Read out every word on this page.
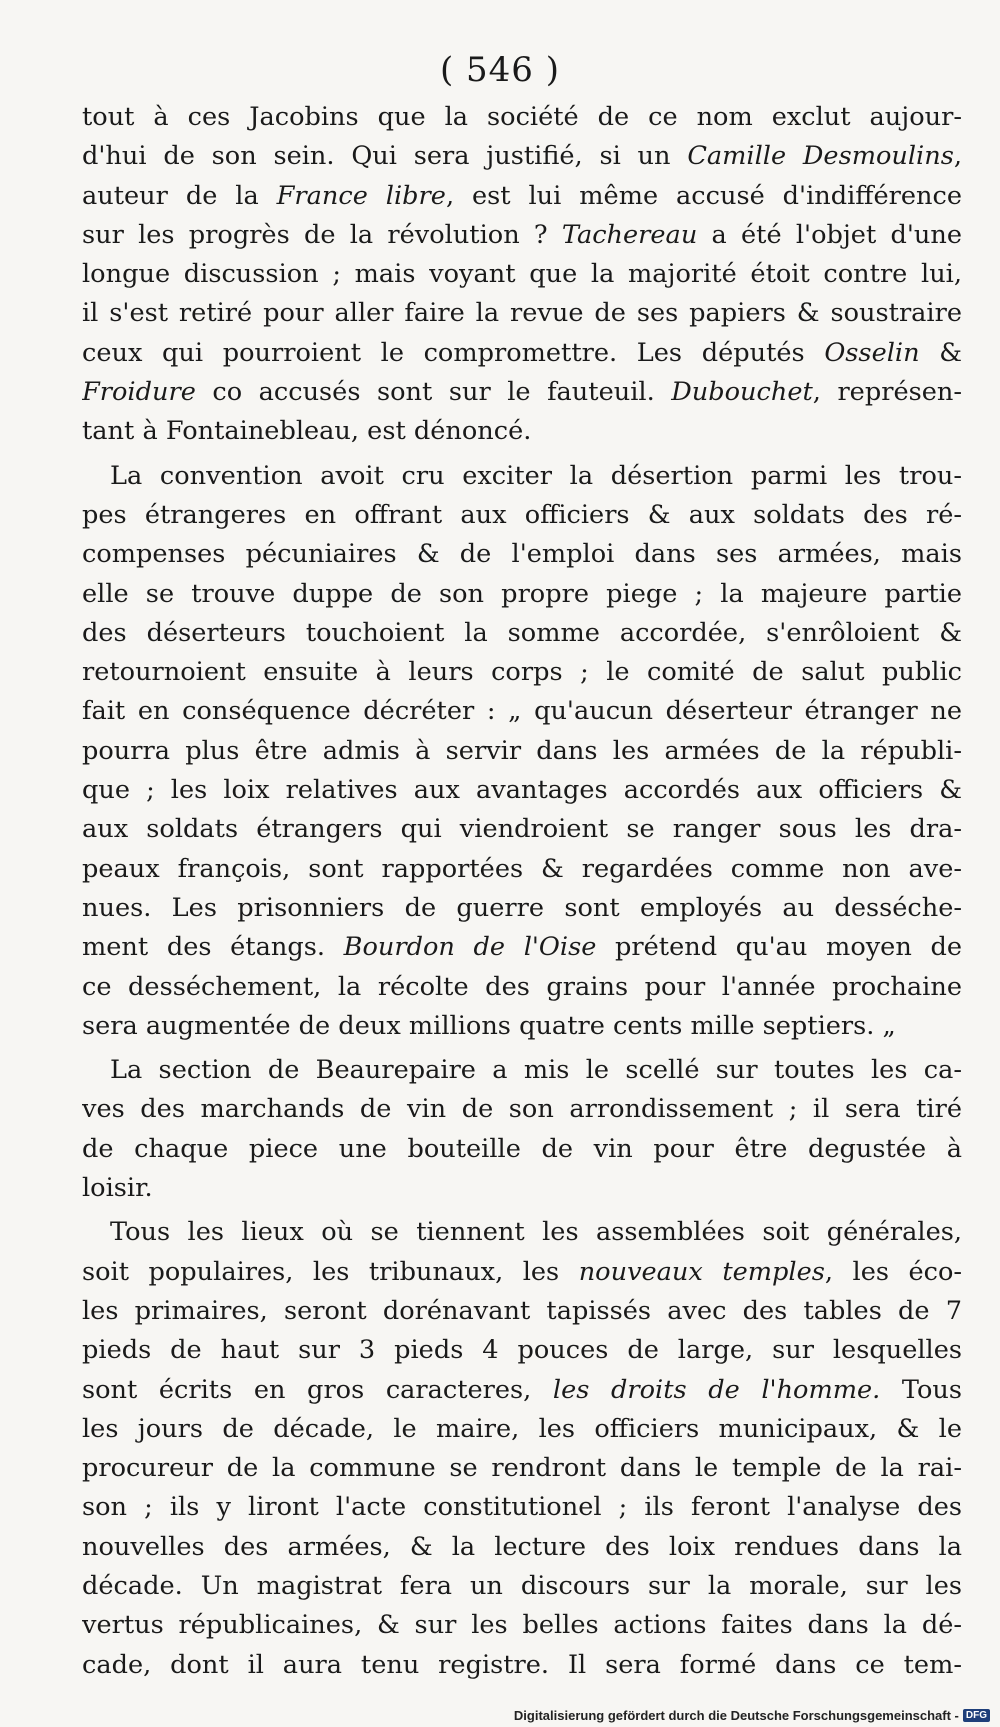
( 546 )
tout à ces Jacobins que la société de ce nom exclut aujour-
d'hui de son sein. Qui sera justifié, si un Camille Desmoulins,
auteur de la France libre, est lui même accusé d'indifférence
sur les progrès de la révolution ? Tachereau a été l'objet d'une
longue discussion ; mais voyant que la majorité étoit contre lui,
il s'est retiré pour aller faire la revue de ses papiers & soustraire
ceux qui pourroient le compromettre. Les députés Osselin &
Froidure co accusés sont sur le fauteuil. Dubouchet, représen-
tant à Fontainebleau, est dénoncé.
La convention avoit cru exciter la désertion parmi les trou-
pes étrangeres en offrant aux officiers & aux soldats des ré-
compenses pécuniaires & de l'emploi dans ses armées, mais
elle se trouve duppe de son propre piege ; la majeure partie
des déserteurs touchoient la somme accordée, s'enrôloient &
retournoient ensuite à leurs corps ; le comité de salut public
fait en conséquence décréter : „ qu'aucun déserteur étranger ne
pourra plus être admis à servir dans les armées de la républi-
que ; les loix relatives aux avantages accordés aux officiers &
aux soldats étrangers qui viendroient se ranger sous les dra-
peaux françois, sont rapportées & regardées comme non ave-
nues. Les prisonniers de guerre sont employés au desséche-
ment des étangs. Bourdon de l'Oise prétend qu'au moyen de
ce desséchement, la récolte des grains pour l'année prochaine
sera augmentée de deux millions quatre cents mille septiers. „
La section de Beaurepaire a mis le scellé sur toutes les ca-
ves des marchands de vin de son arrondissement ; il sera tiré
de chaque piece une bouteille de vin pour être degustée à
loisir.
Tous les lieux où se tiennent les assemblées soit générales,
soit populaires, les tribunaux, les nouveaux temples, les éco-
les primaires, seront dorénavant tapissés avec des tables de 7
pieds de haut sur 3 pieds 4 pouces de large, sur lesquelles
sont écrits en gros caracteres, les droits de l'homme. Tous
les jours de décade, le maire, les officiers municipaux, & le
procureur de la commune se rendront dans le temple de la rai-
son ; ils y liront l'acte constitutionel ; ils feront l'analyse des
nouvelles des armées, & la lecture des loix rendues dans la
décade. Un magistrat fera un discours sur la morale, sur les
vertus républicaines, & sur les belles actions faites dans la dé-
cade, dont il aura tenu registre. Il sera formé dans ce tem-
Digitalisierung gefördert durch die Deutsche Forschungsgemeinschaft - DFG
